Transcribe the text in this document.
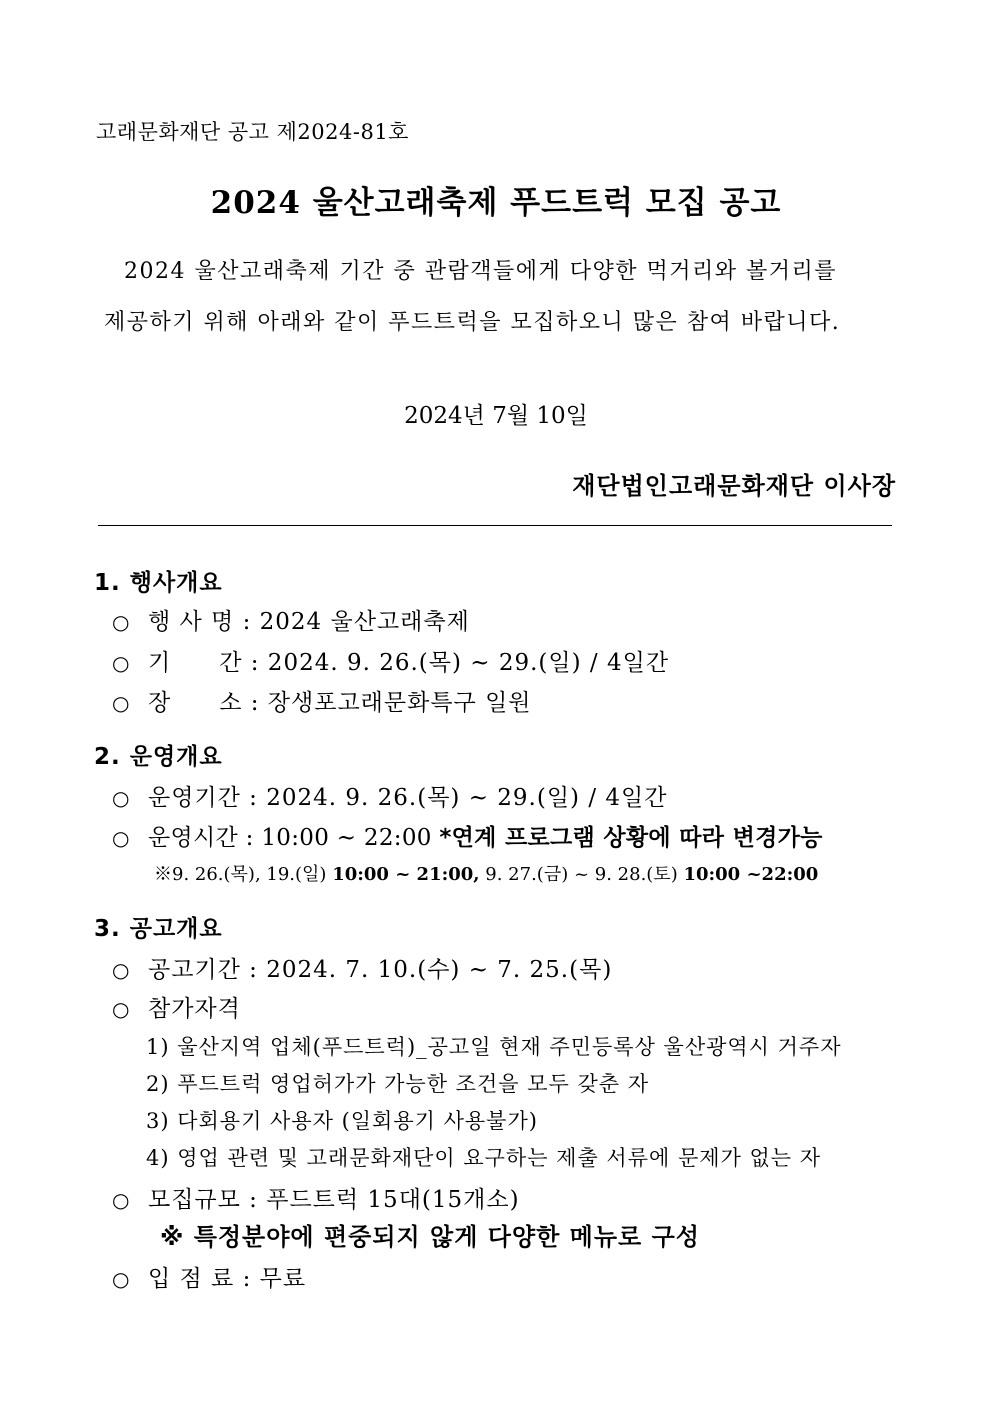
고래문화재단 공고 제2024-81호
2024 울산고래축제 푸드트럭 모집 공고
2024 울산고래축제 기간 중 관람객들에게 다양한 먹거리와 볼거리를
제공하기 위해 아래와 같이 푸드트럭을 모집하오니 많은 참여 바랍니다.
2024년 7월 10일
재단법인고래문화재단 이사장
1. 행사개요
○ 행 사 명 : 2024 울산고래축제
○ 기　　간 : 2024. 9. 26.(목) ~ 29.(일) / 4일간
○ 장　　소 : 장생포고래문화특구 일원
2. 운영개요
○ 운영기간 : 2024. 9. 26.(목) ~ 29.(일) / 4일간
○ 운영시간 : 10:00 ~ 22:00 *연계 프로그램 상황에 따라 변경가능
※9. 26.(목), 19.(일) 10:00 ~ 21:00, 9. 27.(금) ~ 9. 28.(토) 10:00 ~22:00
3. 공고개요
○ 공고기간 : 2024. 7. 10.(수) ~ 7. 25.(목)
○ 참가자격
1) 울산지역 업체(푸드트럭)_공고일 현재 주민등록상 울산광역시 거주자
2) 푸드트럭 영업허가가 가능한 조건을 모두 갖춘 자
3) 다회용기 사용자 (일회용기 사용불가)
4) 영업 관련 및 고래문화재단이 요구하는 제출 서류에 문제가 없는 자
○ 모집규모 : 푸드트럭 15대(15개소)
※ 특정분야에 편중되지 않게 다양한 메뉴로 구성
○ 입 점 료 : 무료
